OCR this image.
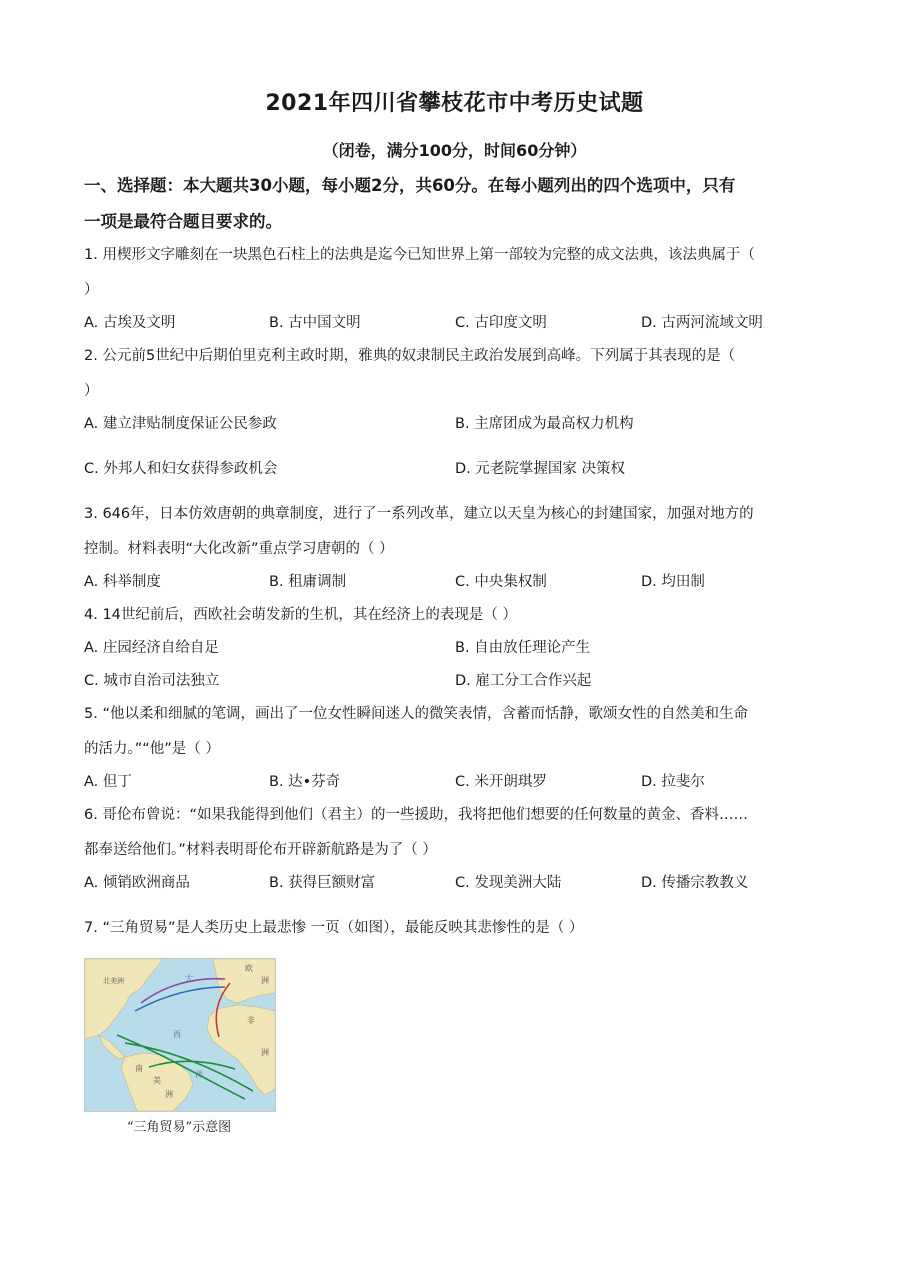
2021年四川省攀枝花市中考历史试题
（闭卷，满分100分，时间60分钟）
一、选择题：本大题共30小题，每小题2分，共60分。在每小题列出的四个选项中，只有
一项是最符合题目要求的。
1. 用楔形文字雕刻在一块黑色石柱上的法典是迄今已知世界上第一部较为完整的成文法典，该法典属于（
）
A. 古埃及文明	B. 古中国文明	C. 古印度文明	D. 古两河流域文明
2. 公元前5世纪中后期伯里克利主政时期，雅典的奴隶制民主政治发展到高峰。下列属于其表现的是（
）
A. 建立津贴制度保证公民参政	B. 主席团成为最高权力机构
C. 外邦人和妇女获得参政机会	D. 元老院掌握国家 决策权
3. 646年，日本仿效唐朝的典章制度，进行了一系列改革，建立以天皇为核心的封建国家，加强对地方的
控制。材料表明“大化改新”重点学习唐朝的（ ）
A. 科举制度	B. 租庸调制	C. 中央集权制	D. 均田制
4. 14世纪前后，西欧社会萌发新的生机，其在经济上的表现是（ ）
A. 庄园经济自给自足	B. 自由放任理论产生
C. 城市自治司法独立	D. 雇工分工合作兴起
5. “他以柔和细腻的笔调，画出了一位女性瞬间迷人的微笑表情，含蓄而恬静，歌颂女性的自然美和生命
的活力。”“他”是（ ）
A. 但丁	B. 达•芬奇	C. 米开朗琪罗	D. 拉斐尔
6. 哥伦布曾说：“如果我能得到他们（君主）的一些援助，我将把他们想要的任何数量的黄金、香料……
都奉送给他们。”材料表明哥伦布开辟新航路是为了（ ）
A. 倾销欧洲商品	B. 获得巨额财富	C. 发现美洲大陆	D. 传播宗教教义
7. “三角贸易”是人类历史上最悲惨 一页（如图），最能反映其悲惨性的是（ ）
北美洲	大
西
洋
南
美
洲
非
洲
欧
洲
“三角贸易”示意图
